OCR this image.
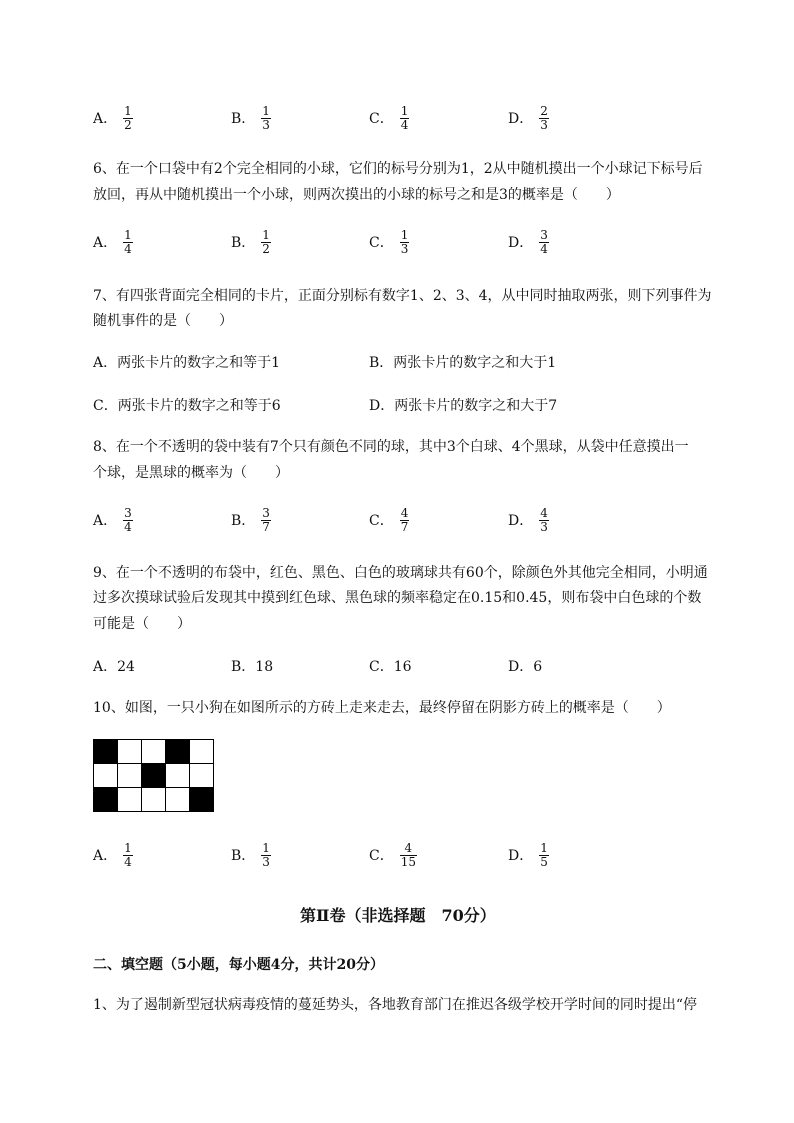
A． $\frac{1}{2}$	B． $\frac{1}{3}$	C． $\frac{1}{4}$	D． $\frac{2}{3}$
6、在一个口袋中有2个完全相同的小球，它们的标号分别为1，2从中随机摸出一个小球记下标号后
放回，再从中随机摸出一个小球，则两次摸出的小球的标号之和是3的概率是（　　）
A． $\frac{1}{4}$	B． $\frac{1}{2}$	C． $\frac{1}{3}$	D． $\frac{3}{4}$
7、有四张背面完全相同的卡片，正面分别标有数字1、2、3、4，从中同时抽取两张，则下列事件为
随机事件的是（　　）
A．两张卡片的数字之和等于1	B．两张卡片的数字之和大于1
C．两张卡片的数字之和等于6	D．两张卡片的数字之和大于7
8、在一个不透明的袋中装有7个只有颜色不同的球，其中3个白球、4个黑球，从袋中任意摸出一
个球，是黑球的概率为（　　）
A． $\frac{3}{4}$	B． $\frac{3}{7}$	C． $\frac{4}{7}$	D． $\frac{4}{3}$
9、在一个不透明的布袋中，红色、黑色、白色的玻璃球共有60个，除颜色外其他完全相同，小明通
过多次摸球试验后发现其中摸到红色球、黑色球的频率稳定在0.15和0.45，则布袋中白色球的个数
可能是（　　）
A．24	B．18	C．16	D．6
10、如图，一只小狗在如图所示的方砖上走来走去，最终停留在阴影方砖上的概率是（　　）

A． $\frac{1}{4}$	B． $\frac{1}{3}$	C． $\frac{4}{15}$	D． $\frac{1}{5}$
第Ⅱ卷（非选择题　70分）
二、填空题（5小题，每小题4分，共计20分）
1、为了遏制新型冠状病毒疫情的蔓延势头，各地教育部门在推迟各级学校开学时间的同时提出“停
